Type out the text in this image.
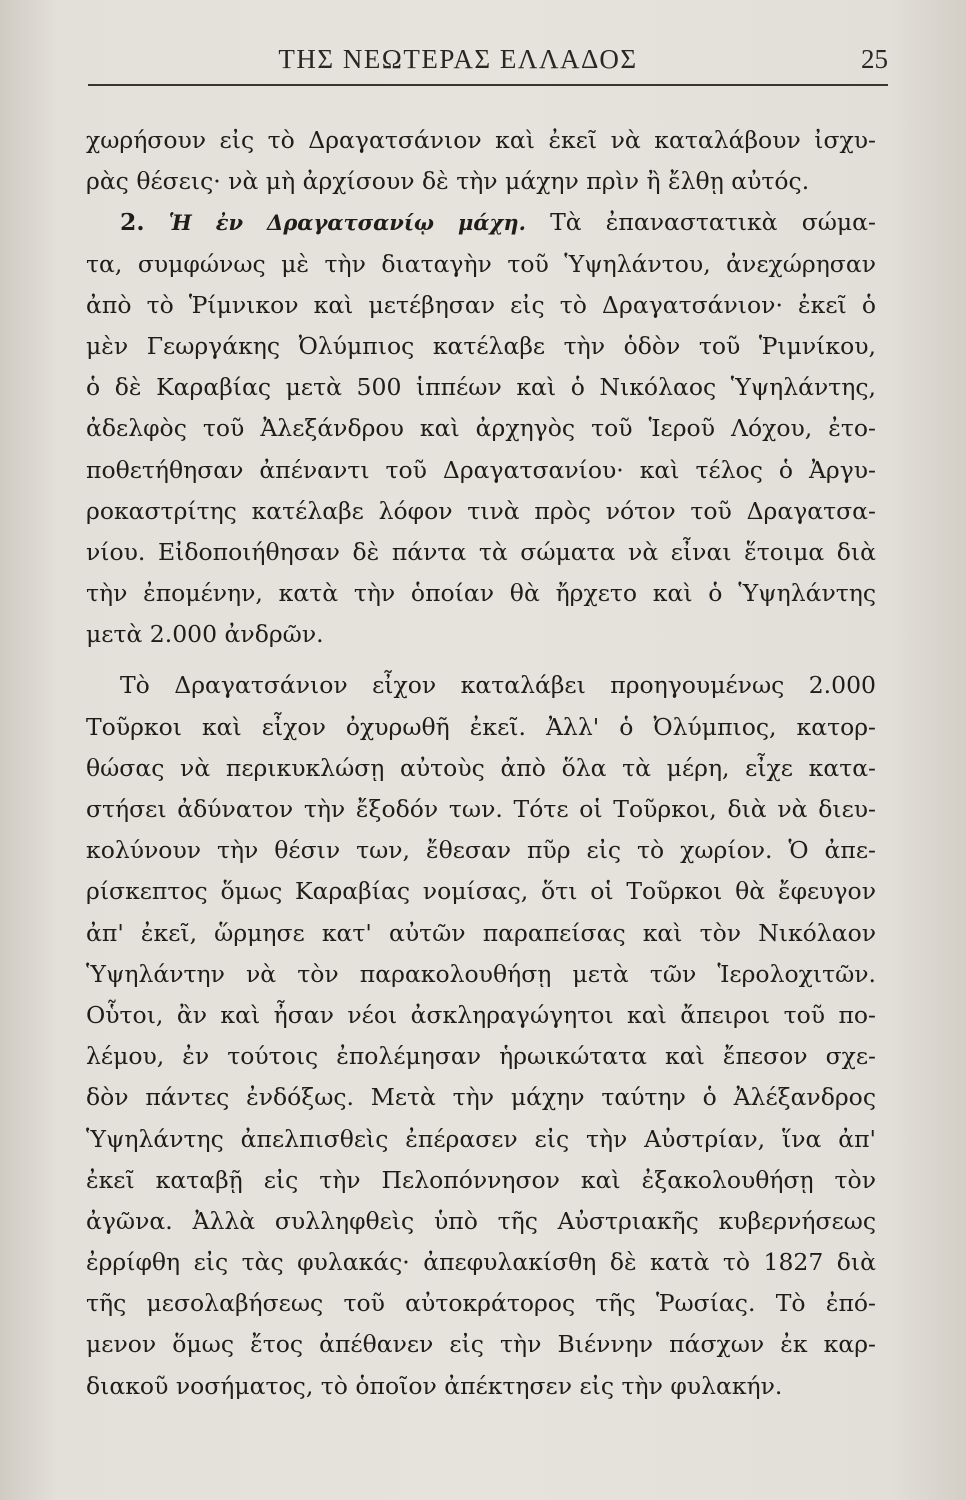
ΤΗΣ ΝΕΩΤΕΡΑΣ ΕΛΛΑΔΟΣ	25
χωρήσουν εἰς τὸ Δραγατσάνιον καὶ ἐκεῖ νὰ καταλάβουν ἰσχυ-
ρὰς θέσεις· νὰ μὴ ἀρχίσουν δὲ τὴν μάχην πρὶν ἢ ἔλθῃ αὐτός.
2. Ἡ ἐν Δραγατσανίῳ μάχη. Τὰ ἐπαναστατικὰ σώμα-
τα, συμφώνως μὲ τὴν διαταγὴν τοῦ Ὑψηλάντου, ἀνεχώρησαν
ἀπὸ τὸ Ῥίμνικον καὶ μετέβησαν εἰς τὸ Δραγατσάνιον· ἐκεῖ ὁ
μὲν Γεωργάκης Ὀλύμπιος κατέλαβε τὴν ὁδὸν τοῦ Ῥιμνίκου,
ὁ δὲ Καραβίας μετὰ 500 ἱππέων καὶ ὁ Νικόλαος Ὑψηλάντης,
ἀδελφὸς τοῦ Ἀλεξάνδρου καὶ ἀρχηγὸς τοῦ Ἱεροῦ Λόχου, ἐτο-
ποθετήθησαν ἀπέναντι τοῦ Δραγατσανίου· καὶ τέλος ὁ Ἀργυ-
ροκαστρίτης κατέλαβε λόφον τινὰ πρὸς νότον τοῦ Δραγατσα-
νίου. Εἰδοποιήθησαν δὲ πάντα τὰ σώματα νὰ εἶναι ἕτοιμα διὰ
τὴν ἐπομένην, κατὰ τὴν ὁποίαν θὰ ἤρχετο καὶ ὁ Ὑψηλάντης
μετὰ 2.000 ἀνδρῶν.
Τὸ Δραγατσάνιον εἶχον καταλάβει προηγουμένως 2.000
Τοῦρκοι καὶ εἶχον ὀχυρωθῆ ἐκεῖ. Ἀλλ' ὁ Ὀλύμπιος, κατορ-
θώσας νὰ περικυκλώσῃ αὐτοὺς ἀπὸ ὅλα τὰ μέρη, εἶχε κατα-
στήσει ἀδύνατον τὴν ἔξοδόν των. Τότε οἱ Τοῦρκοι, διὰ νὰ διευ-
κολύνουν τὴν θέσιν των, ἔθεσαν πῦρ εἰς τὸ χωρίον. Ὁ ἀπε-
ρίσκεπτος ὅμως Καραβίας νομίσας, ὅτι οἱ Τοῦρκοι θὰ ἔφευγον
ἀπ' ἐκεῖ, ὥρμησε κατ' αὐτῶν παραπείσας καὶ τὸν Νικόλαον
Ὑψηλάντην νὰ τὸν παρακολουθήσῃ μετὰ τῶν Ἱερολοχιτῶν.
Οὗτοι, ἂν καὶ ἦσαν νέοι ἀσκληραγώγητοι καὶ ἄπειροι τοῦ πο-
λέμου, ἐν τούτοις ἐπολέμησαν ἡρωικώτατα καὶ ἔπεσον σχε-
δὸν πάντες ἐνδόξως. Μετὰ τὴν μάχην ταύτην ὁ Ἀλέξανδρος
Ὑψηλάντης ἀπελπισθεὶς ἐπέρασεν εἰς τὴν Αὐστρίαν, ἵνα ἀπ'
ἐκεῖ καταβῇ εἰς τὴν Πελοπόννησον καὶ ἐξακολουθήσῃ τὸν
ἀγῶνα. Ἀλλὰ συλληφθεὶς ὑπὸ τῆς Αὐστριακῆς κυβερνήσεως
ἐρρίφθη εἰς τὰς φυλακάς· ἀπεφυλακίσθη δὲ κατὰ τὸ 1827 διὰ
τῆς μεσολαβήσεως τοῦ αὐτοκράτορος τῆς Ῥωσίας. Τὸ ἐπό-
μενον ὅμως ἔτος ἀπέθανεν εἰς τὴν Βιέννην πάσχων ἐκ καρ-
διακοῦ νοσήματος, τὸ ὁποῖον ἀπέκτησεν εἰς τὴν φυλακήν.
